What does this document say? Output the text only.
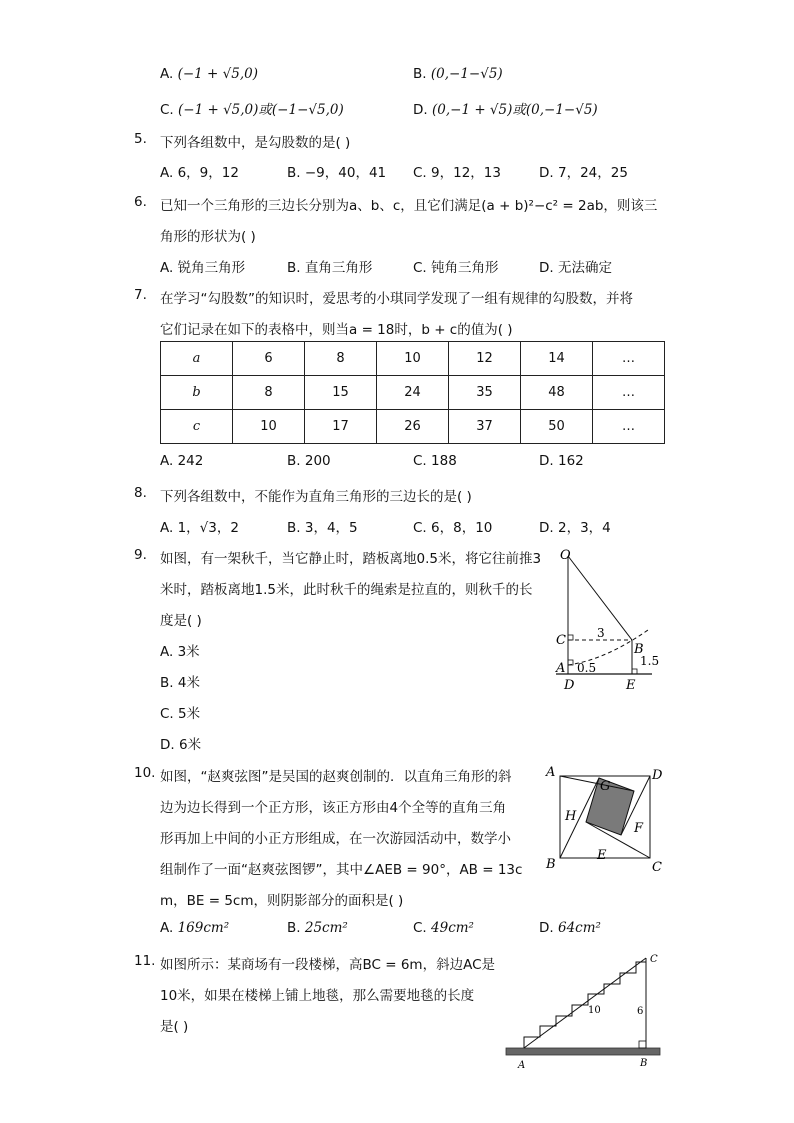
A. (−1 + √5,0)	B. (0,−1−√5)
C. (−1 + √5,0)或(−1−√5,0)	D. (0,−1 + √5)或(0,−1−√5)
5. 下列各组数中，是勾股数的是( )
A. 6，9，12	B. −9，40，41 C. 9，12，13	D. 7，24，25
6. 已知一个三角形的三边长分别为a、b、c，且它们满足(a + b)²−c² = 2ab，则该三
角形的形状为( )
A. 锐角三角形	B. 直角三角形	C. 钝角三角形	D. 无法确定
7. 在学习“勾股数”的知识时，爱思考的小琪同学发现了一组有规律的勾股数，并将
它们记录在如下的表格中，则当a = 18时，b + c的值为( )
a	6	8	10	12	14	…
b	8	15	24	35	48	…
c	10	17	26	37	50	…
A. 242	B. 200	C. 188	D. 162
8. 下列各组数中，不能作为直角三角形的三边长的是( )
A. 1，√3，2	B. 3，4，5	C. 6，8，10	D. 2，3，4
9. 如图，有一架秋千，当它静止时，踏板离地0.5米，将它往前推3
米时，踏板离地1.5米，此时秋千的绳索是拉直的，则秋千的长
度是( )
A. 3米
B. 4米
C. 5米
D. 6米
O
C
A
B
D	E
3
0.5	1.5
10. 如图，“赵爽弦图”是吴国的赵爽创制的．以直角三角形的斜
边为边长得到一个正方形，该正方形由4个全等的直角三角
形再加上中间的小正方形组成，在一次游园活动中，数学小
组制作了一面“赵爽弦图锣”，其中∠AEB = 90°，AB = 13c
m，BE = 5cm，则阴影部分的面积是( )
A. 169cm²	B. 25cm²	C. 49cm²	D. 64cm²
A	D
B	C
G
H
F
E
11. 如图所示：某商场有一段楼梯，高BC = 6m，斜边AC是
10米，如果在楼梯上铺上地毯，那么需要地毯的长度
是( )
A	B
C
10	6
